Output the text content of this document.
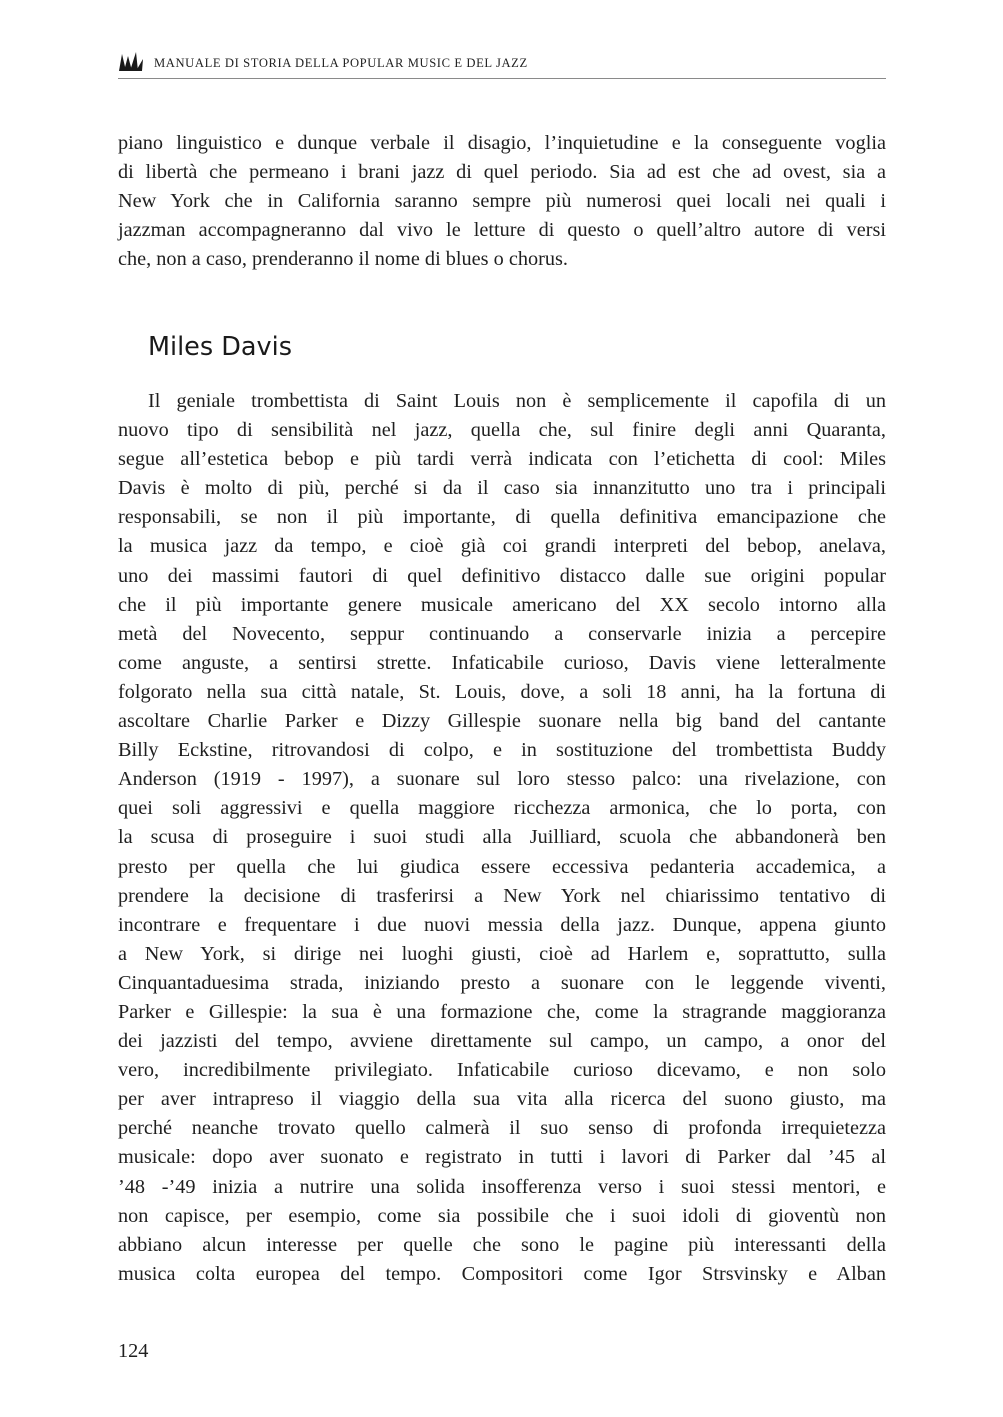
MANUALE DI STORIA DELLA POPULAR MUSIC E DEL JAZZ
piano linguistico e dunque verbale il disagio, l’inquietudine e la conseguente voglia
di libertà che permeano i brani jazz di quel periodo. Sia ad est che ad ovest, sia a
New York che in California saranno sempre più numerosi quei locali nei quali i
jazzman accompagneranno dal vivo le letture di questo o quell’altro autore di versi
che, non a caso, prenderanno il nome di blues o chorus.
Miles Davis
Il geniale trombettista di Saint Louis non è semplicemente il capofila di un
nuovo tipo di sensibilità nel jazz, quella che, sul finire degli anni Quaranta,
segue all’estetica bebop e più tardi verrà indicata con l’etichetta di cool: Miles
Davis è molto di più, perché si da il caso sia innanzitutto uno tra i principali
responsabili, se non il più importante, di quella definitiva emancipazione che
la musica jazz da tempo, e cioè già coi grandi interpreti del bebop, anelava,
uno dei massimi fautori di quel definitivo distacco dalle sue origini popular
che il più importante genere musicale americano del XX secolo intorno alla
metà del Novecento, seppur continuando a conservarle inizia a percepire
come anguste, a sentirsi strette. Infaticabile curioso, Davis viene letteralmente
folgorato nella sua città natale, St. Louis, dove, a soli 18 anni, ha la fortuna di
ascoltare Charlie Parker e Dizzy Gillespie suonare nella big band del cantante
Billy Eckstine, ritrovandosi di colpo, e in sostituzione del trombettista Buddy
Anderson (1919 - 1997), a suonare sul loro stesso palco: una rivelazione, con
quei soli aggressivi e quella maggiore ricchezza armonica, che lo porta, con
la scusa di proseguire i suoi studi alla Juilliard, scuola che abbandonerà ben
presto per quella che lui giudica essere eccessiva pedanteria accademica, a
prendere la decisione di trasferirsi a New York nel chiarissimo tentativo di
incontrare e frequentare i due nuovi messia della jazz. Dunque, appena giunto
a New York, si dirige nei luoghi giusti, cioè ad Harlem e, soprattutto, sulla
Cinquantaduesima strada, iniziando presto a suonare con le leggende viventi,
Parker e Gillespie: la sua è una formazione che, come la stragrande maggioranza
dei jazzisti del tempo, avviene direttamente sul campo, un campo, a onor del
vero, incredibilmente privilegiato. Infaticabile curioso dicevamo, e non solo
per aver intrapreso il viaggio della sua vita alla ricerca del suono giusto, ma
perché neanche trovato quello calmerà il suo senso di profonda irrequietezza
musicale: dopo aver suonato e registrato in tutti i lavori di Parker dal ’45 al
’48 -’49 inizia a nutrire una solida insofferenza verso i suoi stessi mentori, e
non capisce, per esempio, come sia possibile che i suoi idoli di gioventù non
abbiano alcun interesse per quelle che sono le pagine più interessanti della
musica colta europea del tempo. Compositori come Igor Strsvinsky e Alban
124
